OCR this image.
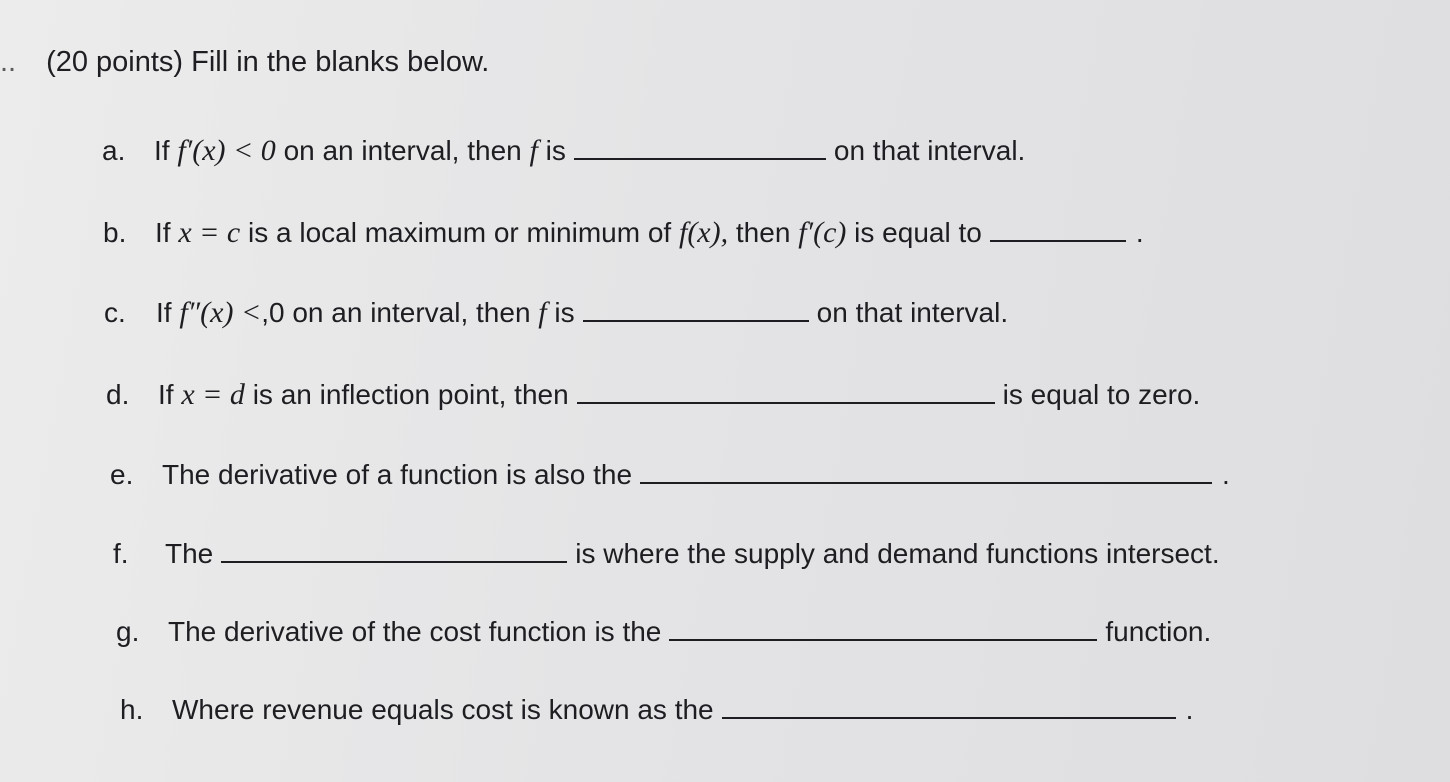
.. (20 points) Fill in the blanks below.
a.	If
f′(x) < 0
on an interval, then
f
is	on that interval.
b.	If
x = c
is a local maximum or minimum of
f(x),
then
f′(c)
is equal to	.
c.	If
f″(x) < ,0 on an interval, then
f
is	on that interval.
d.	If
x = d
is an inflection point, then	is equal to zero.
e.	The derivative of a function is also the	.
f.	The	is where the supply and demand functions intersect.
g.	The derivative of the cost function is the	function.
h.	Where revenue equals cost is known as the	.
